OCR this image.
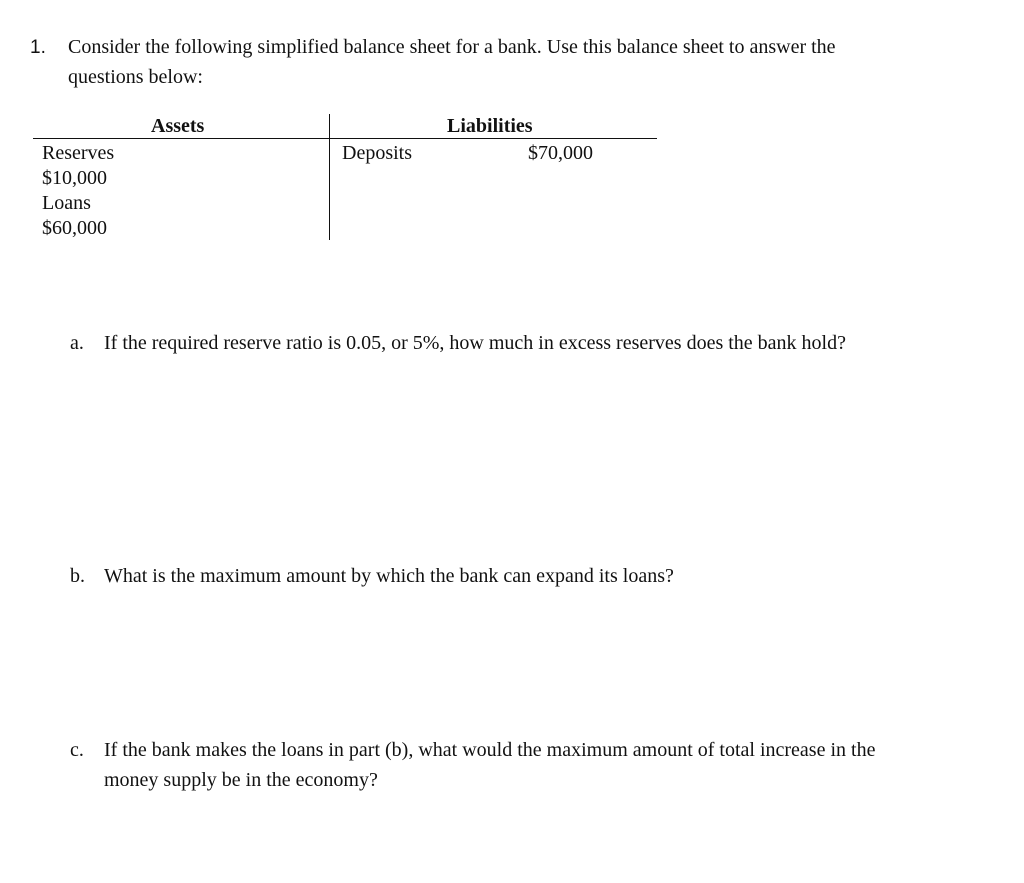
1. Consider the following simplified balance sheet for a bank. Use this balance sheet to answer the
questions below:
Assets	Liabilities
Reserves
$10,000
Loans
$60,000
Deposits	$70,000
a. If the required reserve ratio is 0.05, or 5%, how much in excess reserves does the bank hold?
b. What is the maximum amount by which the bank can expand its loans?
c. If the bank makes the loans in part (b), what would the maximum amount of total increase in the
money supply be in the economy?
